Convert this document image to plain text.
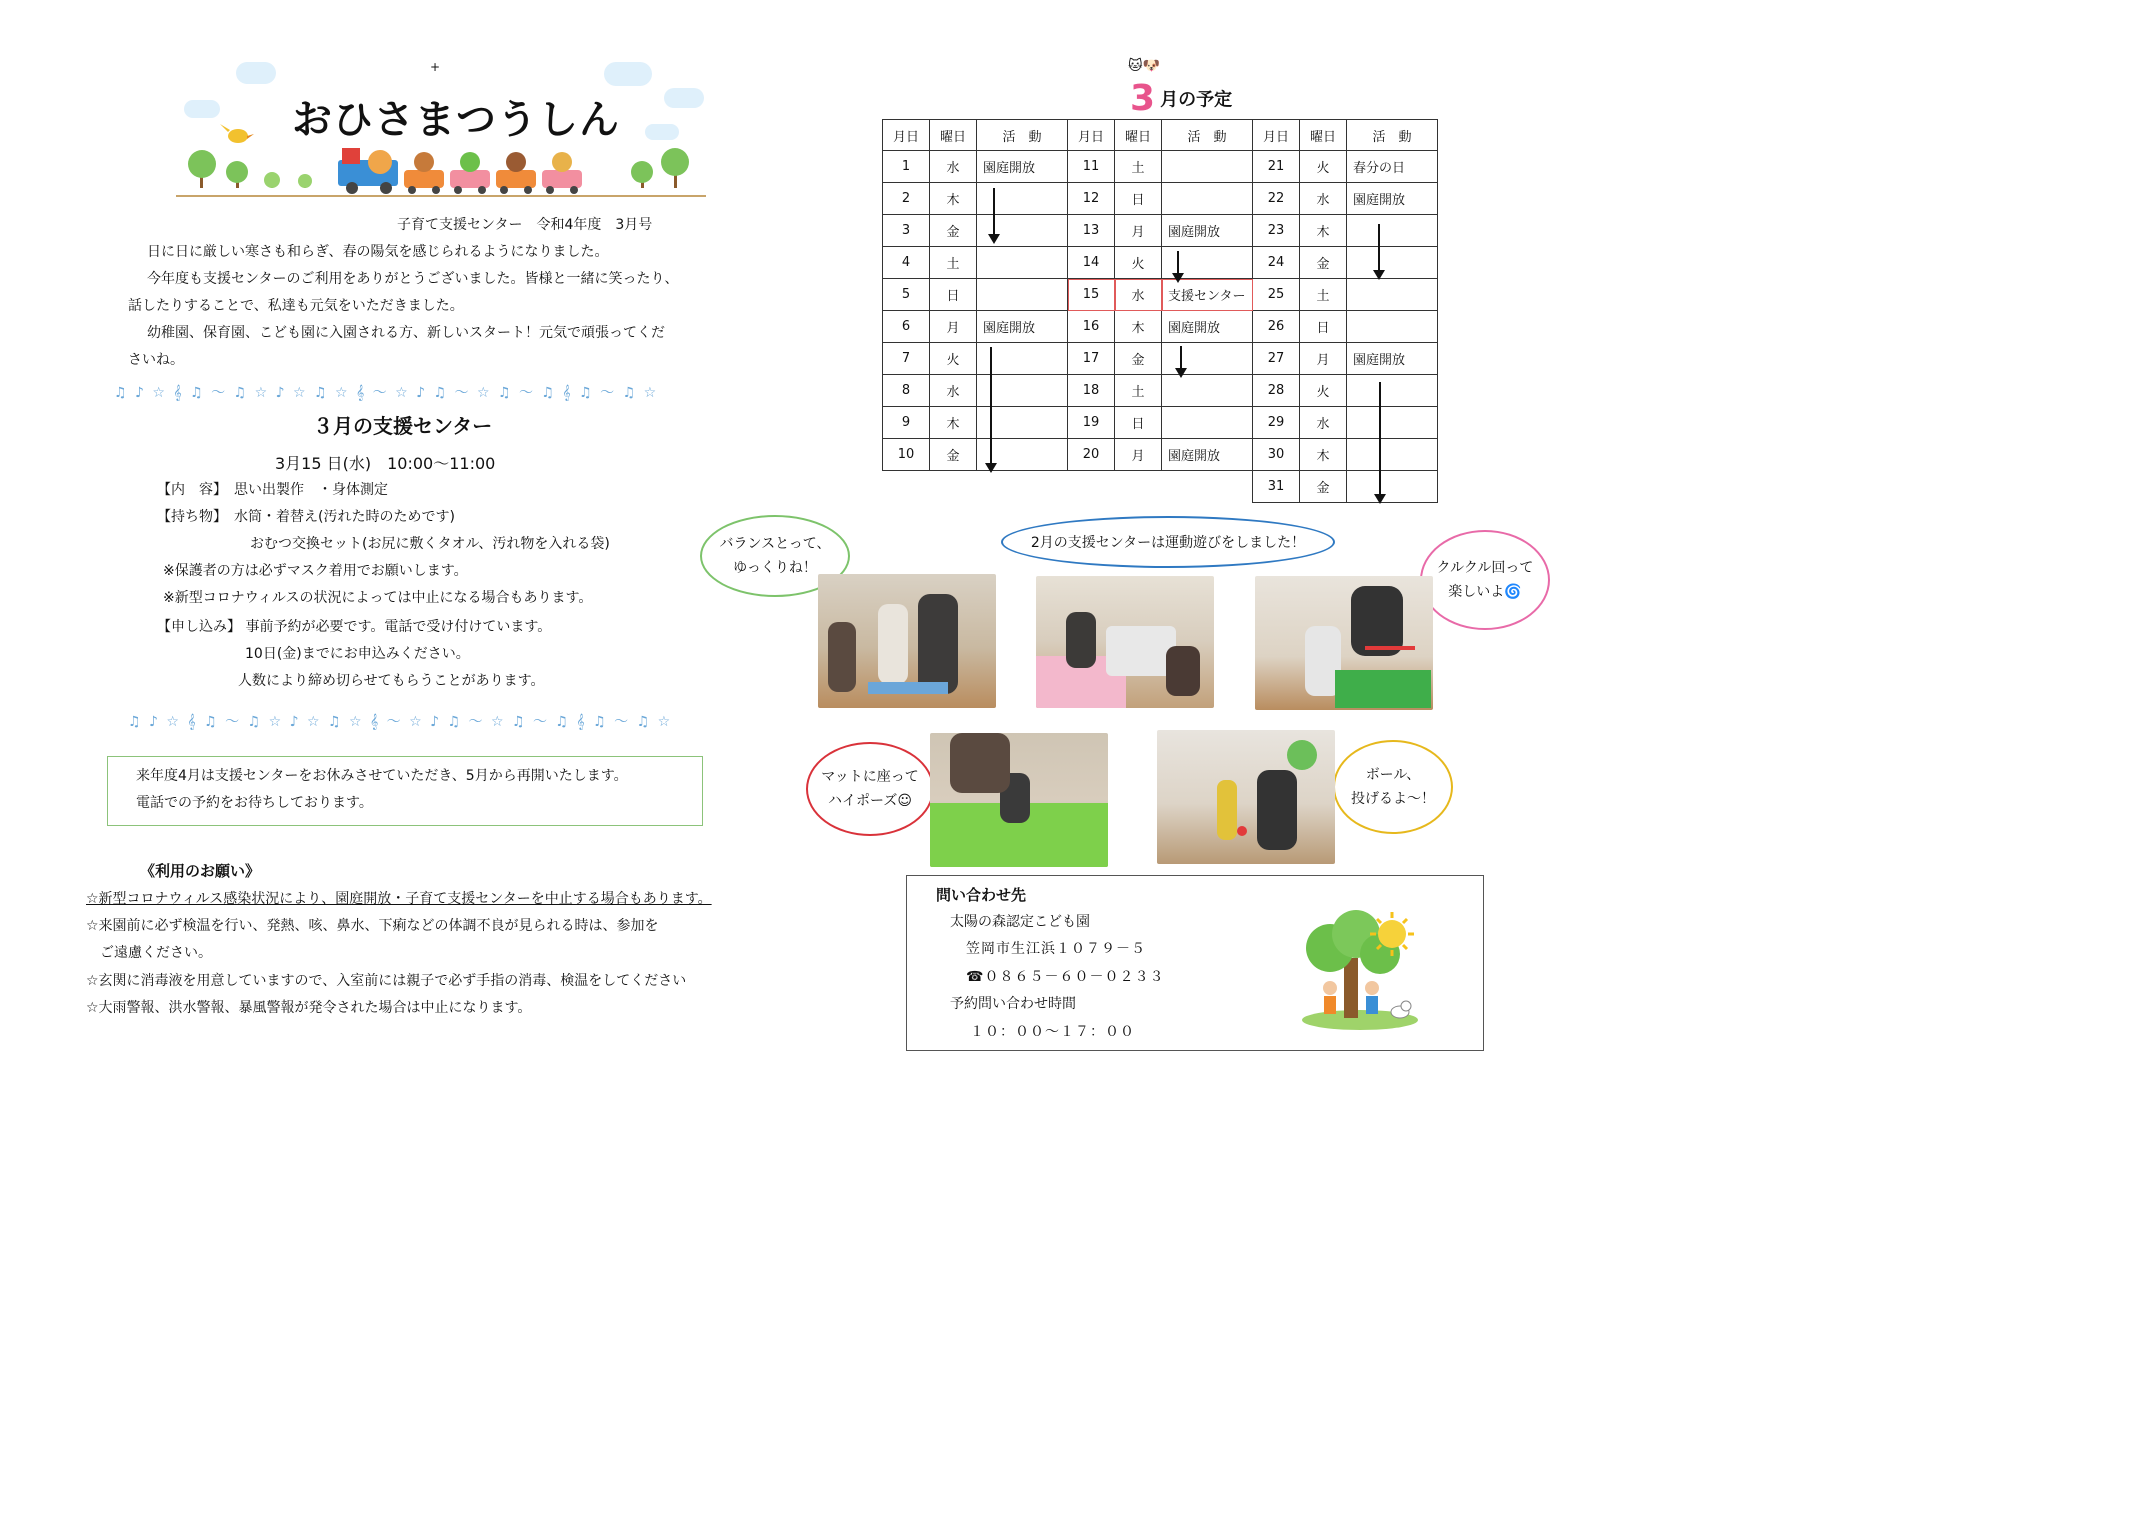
+
おひさまつうしん
子育て支援センター　令和4年度　3月号
日に日に厳しい寒さも和らぎ、春の陽気を感じられるようになりました。
今年度も支援センターのご利用をありがとうございました。皆様と一緒に笑ったり、
話したりすることで、私達も元気をいただきました。
幼稚園、保育園、こども園に入園される方、新しいスタート！元気で頑張ってくだ
さいね。
♫ ♪ ☆ 𝄞 ♫ ～ ♫ ☆ ♪ ☆ ♫ ☆ 𝄞 ～ ☆ ♪ ♫ ～ ☆ ♫ ～ ♫ 𝄞 ♫ ～ ♫ ☆
３月の支援センター
3月15 日(水)　10:00～11:00
【内　容】　思い出製作　・身体測定
【持ち物】　水筒・着替え(汚れた時のためです)
おむつ交換セット(お尻に敷くタオル、汚れ物を入れる袋)
※保護者の方は必ずマスク着用でお願いします。
※新型コロナウィルスの状況によっては中止になる場合もあります。
【申し込み】 事前予約が必要です。電話で受け付けています。
10日(金)までにお申込みください。
人数により締め切らせてもらうことがあります。
♫ ♪ ☆ 𝄞 ♫ ～ ♫ ☆ ♪ ☆ ♫ ☆ 𝄞 ～ ☆ ♪ ♫ ～ ☆ ♫ ～ ♫ 𝄞 ♫ ～ ♫ ☆
来年度4月は支援センターをお休みさせていただき、5月から再開いたします。
電話での予約をお待ちしております。
《利用のお願い》
☆新型コロナウィルス感染状況により、園庭開放・子育て支援センターを中止する場合もあります。
☆来園前に必ず検温を行い、発熱、咳、鼻水、下痢などの体調不良が見られる時は、参加を
ご遠慮ください。
☆玄関に消毒液を用意していますので、入室前には親子で必ず手指の消毒、検温をしてください
☆大雨警報、洪水警報、暴風警報が発令された場合は中止になります。
3 月の予定
🐱🐶
月日	曜日	活　動	月日	曜日	活　動	月日	曜日	活　動
1	水	園庭開放	11	土		21	火	春分の日
2	木		12	日		22	水	園庭開放
3	金		13	月	園庭開放	23	木	
4	土		14	火		24	金	
5	日		15	水	支援センター	25	土	
6	月	園庭開放	16	木	園庭開放	26	日	
7	火		17	金		27	月	園庭開放
8	水		18	土		28	火	
9	木		19	日		29	水	
10	金		20	月	園庭開放	30	木	
						31	金	
2月の支援センターは運動遊びをしました！
バランスとって、
ゆっくりね！	クルクル回って
楽しいよ🌀
マットに座って
ハイポーズ☺
ボール、
投げるよ～！
問い合わせ先
太陽の森認定こども園
笠岡市生江浜１０７９－５
☎０８６５－６０－０２３３
予約問い合わせ時間
１０：００～１７：００
